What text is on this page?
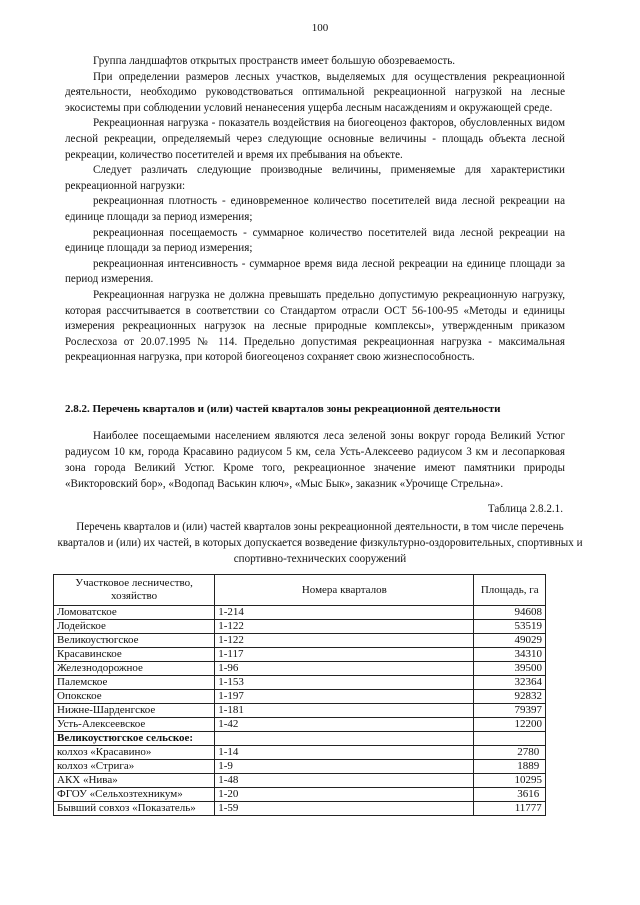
100

Группа ландшафтов открытых пространств имеет большую обозреваемость.

При определении размеров лесных участков, выделяемых для осуществления рекреационной деятельности, необходимо руководствоваться оптимальной рекреационной нагрузкой на лесные экосистемы при соблюдении условий ненанесения ущерба лесным насаждениям и окружающей среде.

Рекреационная нагрузка - показатель воздействия на биогеоценоз факторов, обусловленных видом лесной рекреации, определяемый через следующие основные величины - площадь объекта лесной рекреации, количество посетителей и время их пребывания на объекте.

Следует различать следующие производные величины, применяемые для характеристики рекреационной нагрузки:

рекреационная плотность - единовременное количество посетителей вида лесной рекреации на единице площади за период измерения;

рекреационная посещаемость - суммарное количество посетителей вида лесной рекреации на единице площади за период измерения;

рекреационная интенсивность - суммарное время вида лесной рекреации на единице площади за период измерения.

Рекреационная нагрузка не должна превышать предельно допустимую рекреационную нагрузку, которая рассчитывается в соответствии со Стандартом отрасли ОСТ 56-100-95 «Методы и единицы измерения рекреационных нагрузок на лесные природные комплексы», утвержденным приказом Рослесхоза от 20.07.1995 № 114. Предельно допустимая рекреационная нагрузка - максимальная рекреационная нагрузка, при которой биогеоценоз сохраняет свою жизнеспособность.

2.8.2. Перечень кварталов и (или) частей кварталов зоны рекреационной деятельности

Наиболее посещаемыми населением являются леса зеленой зоны вокруг города Великий Устюг радиусом 10 км, города Красавино радиусом 5 км, села Усть-Алексеево радиусом 3 км и лесопарковая зона города Великий Устюг. Кроме того, рекреационное значение имеют памятники природы «Викторовский бор», «Водопад Васькин ключ», «Мыс Бык», заказник «Урочище Стрельна».

Таблица 2.8.2.1.
Перечень кварталов и (или) частей кварталов зоны рекреационной деятельности, в том числе перечень кварталов и (или) их частей, в которых допускается возведение физкультурно-оздоровительных, спортивных и спортивно-технических сооружений
Участковое лесничество, хозяйство	Номера кварталов	Площадь, га
Ломоватское	1-214	94608
Лодейское	1-122	53519
Великоустюгское	1-122	49029
Красавинское	1-117	34310
Железнодорожное	1-96	39500
Палемское	1-153	32364
Опокское	1-197	92832
Нижне-Шарденгское	1-181	79397
Усть-Алексеевское	1-42	12200
Великоустюгское сельское:		
колхоз «Красавино»	1-14	2780
колхоз «Стрига»	1-9	1889
АКХ «Нива»	1-48	10295
ФГОУ «Сельхозтехникум»	1-20	3616
Бывший совхоз «Показатель»	1-59	11777
